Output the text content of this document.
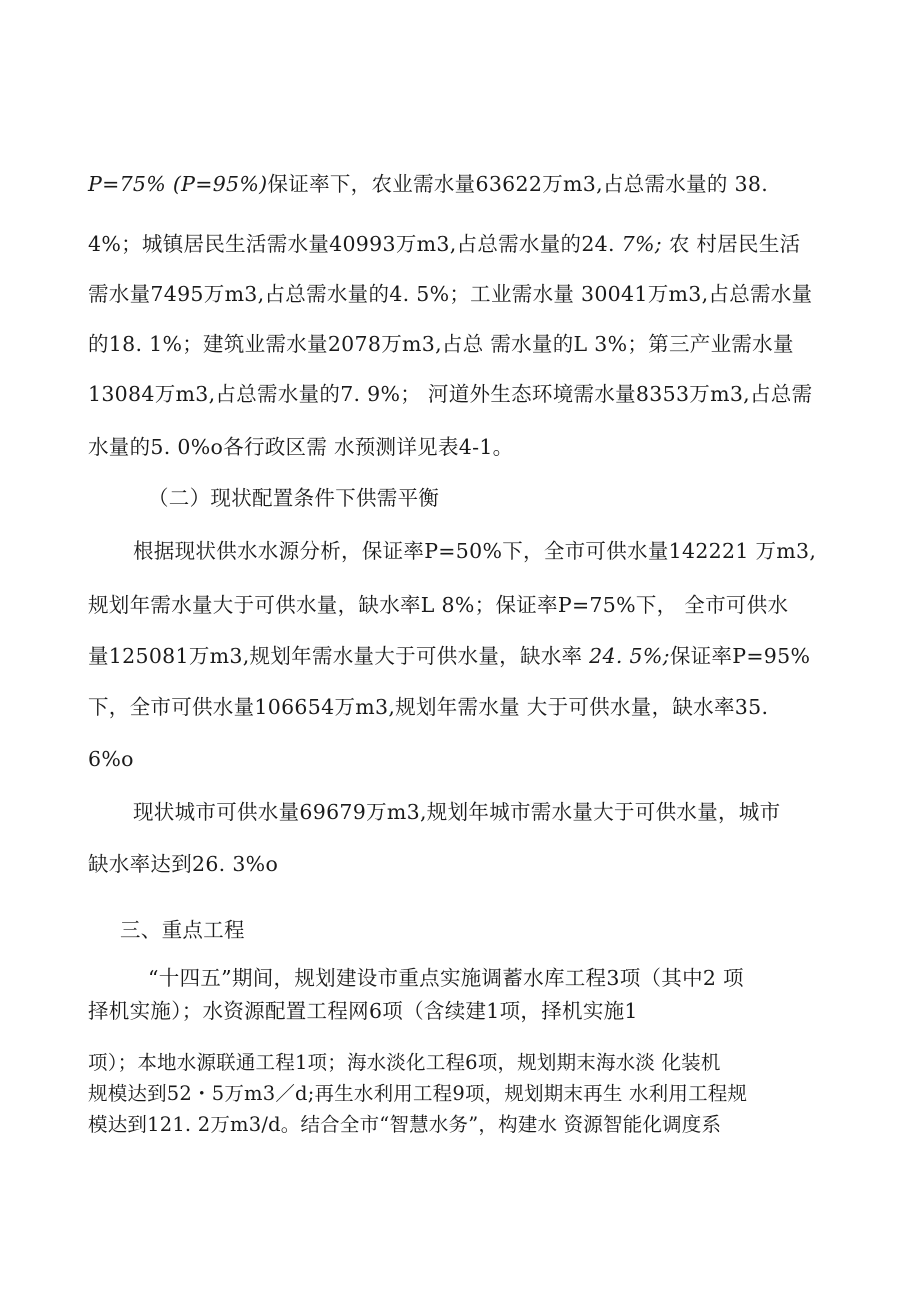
P=75% (P=95%)保证率下，农业需水量63622万m3,占总需水量的 38.
4%；城镇居民生活需水量40993万m3,占总需水量的24. 7%; 农 村居民生活
需水量7495万m3,占总需水量的4. 5%；工业需水量 30041万m3,占总需水量
的18. 1%；建筑业需水量2078万m3,占总 需水量的L 3%；第三产业需水量
13084万m3,占总需水量的7. 9%； 河道外生态环境需水量8353万m3,占总需
水量的5. 0%o各行政区需 水预测详见表4-1。
（二）现状配置条件下供需平衡
根据现状供水水源分析，保证率P=50%下，全市可供水量142221 万m3,
规划年需水量大于可供水量，缺水率L 8%；保证率P=75%下， 全市可供水
量125081万m3,规划年需水量大于可供水量，缺水率 24. 5%;保证率P=95%
下，全市可供水量106654万m3,规划年需水量 大于可供水量，缺水率35.
6%o
现状城市可供水量69679万m3,规划年城市需水量大于可供水量，城市
缺水率达到26. 3%o
三、重点工程
“十四五”期间，规划建设市重点实施调蓄水库工程3项（其中2 项
择机实施）；水资源配置工程网6项（含续建1项，择机实施1
项）；本地水源联通工程1项；海水淡化工程6项，规划期末海水淡 化装机
规模达到52・5万m3／d;再生水利用工程9项，规划期末再生 水利用工程规
模达到121. 2万m3/d。结合全市“智慧水务”，构建水 资源智能化调度系
